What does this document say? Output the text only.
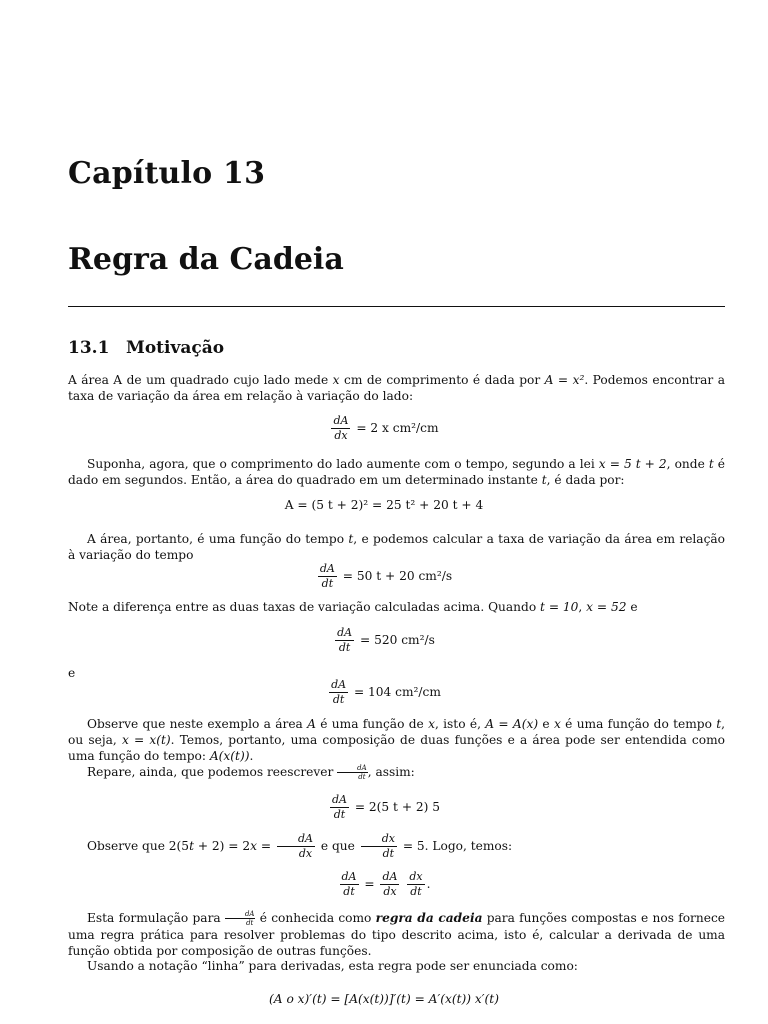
Capítulo 13
Regra da Cadeia
13.1 Motivação
A área A de um quadrado cujo lado mede x cm de comprimento é dada por A = x². Podemos encontrar a taxa de variação da área em relação à variação do lado:
$\frac{dA}{dx} = 2$ x cm²/cm
Suponha, agora, que o comprimento do lado aumente com o tempo, segundo a lei x = 5 t + 2, onde t é dado em segundos. Então, a área do quadrado em um determinado instante t, é dada por:
A = (5 t + 2)² = 25 t² + 20 t + 4
A área, portanto, é uma função do tempo t, e podemos calcular a taxa de variação da área em relação à variação do tempo
$\frac{dA}{dt} = 50$ t + 20 cm²/s
Note a diferença entre as duas taxas de variação calculadas acima. Quando t = 10, x = 52 e
$\frac{dA}{dt} = 520$ cm²/s
e
$\frac{dA}{dt} = 104$ cm²/cm
Observe que neste exemplo a área A é uma função de x, isto é, A = A(x) e x é uma função do tempo t, ou seja, x = x(t). Temos, portanto, uma composição de duas funções e a área pode ser entendida como uma função do tempo: A(x(t)).
Repare, ainda, que podemos reescrever $\frac{dA}{dt}$ , assim:
$\frac{dA}{dt} = 2(5$ t + 2) 5
Observe que $2(5t + 2) = 2x = \frac{dA}{dx}$ e que $\frac{dx}{dt} = 5$. Logo, temos:
$\frac{dA}{dt} = \frac{dA}{dx}$
$\frac{dx}{dt}$ .
Esta formulação para $\frac{dA}{dt}$ é conhecida como regra da cadeia para funções compostas e nos fornece uma regra prática para resolver problemas do tipo descrito acima, isto é, calcular a derivada de uma função obtida por composição de outras funções.
Usando a notação “linha” para derivadas, esta regra pode ser enunciada como:
(A o x)′(t) = [A(x(t))]′(t) = A′(x(t)) x′(t)
